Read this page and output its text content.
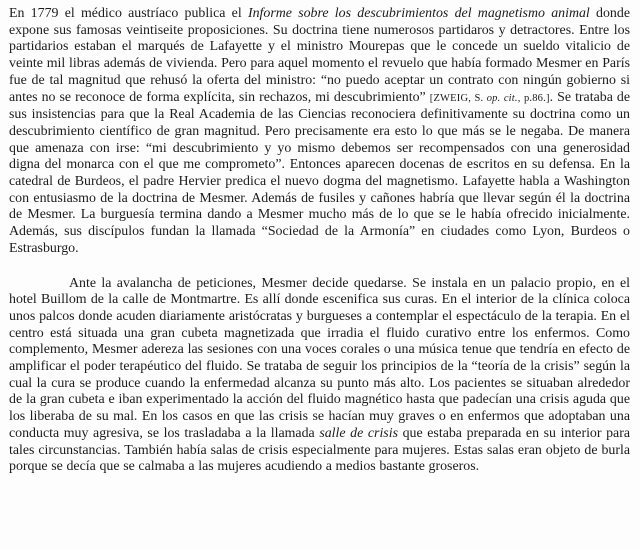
En 1779 el médico austríaco publica el Informe sobre los descubrimientos del magnetismo animal donde expone sus famosas veintiseite proposiciones. Su doctrina tiene numerosos partidaros y detractores. Entre los partidarios estaban el marqués de Lafayette y el ministro Mourepas que le concede un sueldo vitalicio de veinte mil libras además de vivienda. Pero para aquel momento el revuelo que había formado Mesmer en París fue de tal magnitud que rehusó la oferta del ministro: “no puedo aceptar un contrato con ningún gobierno si antes no se reconoce de forma explícita, sin rechazos, mi descubrimiento” [ZWEIG, S. op. cit., p.86.]. Se trataba de sus insistencias para que la Real Academia de las Ciencias reconociera definitivamente su doctrina como un descubrimiento científico de gran magnitud. Pero precisamente era esto lo que más se le negaba. De manera que amenaza con irse: “mi descubrimiento y yo mismo debemos ser recompensados con una generosidad digna del monarca con el que me comprometo”. Entonces aparecen docenas de escritos en su defensa. En la catedral de Burdeos, el padre Hervier predica el nuevo dogma del magnetismo. Lafayette habla a Washington con entusiasmo de la doctrina de Mesmer. Además de fusiles y cañones habría que llevar según él la doctrina de Mesmer. La burguesía termina dando a Mesmer mucho más de lo que se le había ofrecido inicialmente. Además, sus discípulos fundan la llamada “Sociedad de la Armonía” en ciudades como Lyon, Burdeos o Estrasburgo.

Ante la avalancha de peticiones, Mesmer decide quedarse. Se instala en un palacio propio, en el hotel Buillom de la calle de Montmartre. Es allí donde escenifica sus curas. En el interior de la clínica coloca unos palcos donde acuden diariamente aristócratas y burgueses a contemplar el espectáculo de la terapia. En el centro está situada una gran cubeta magnetizada que irradia el fluido curativo entre los enfermos. Como complemento, Mesmer adereza las sesiones con una voces corales o una música tenue que tendría en efecto de amplificar el poder terapéutico del fluido. Se trataba de seguir los principios de la “teoría de la crisis” según la cual la cura se produce cuando la enfermedad alcanza su punto más alto. Los pacientes se situaban alrededor de la gran cubeta e iban experimentado la acción del fluido magnético hasta que padecían una crisis aguda que los liberaba de su mal. En los casos en que las crisis se hacían muy graves o en enfermos que adoptaban una conducta muy agresiva, se los trasladaba a la llamada salle de crisis que estaba preparada en su interior para tales circunstancias. También había salas de crisis especialmente para mujeres. Estas salas eran objeto de burla porque se decía que se calmaba a las mujeres acudiendo a medios bastante groseros.
